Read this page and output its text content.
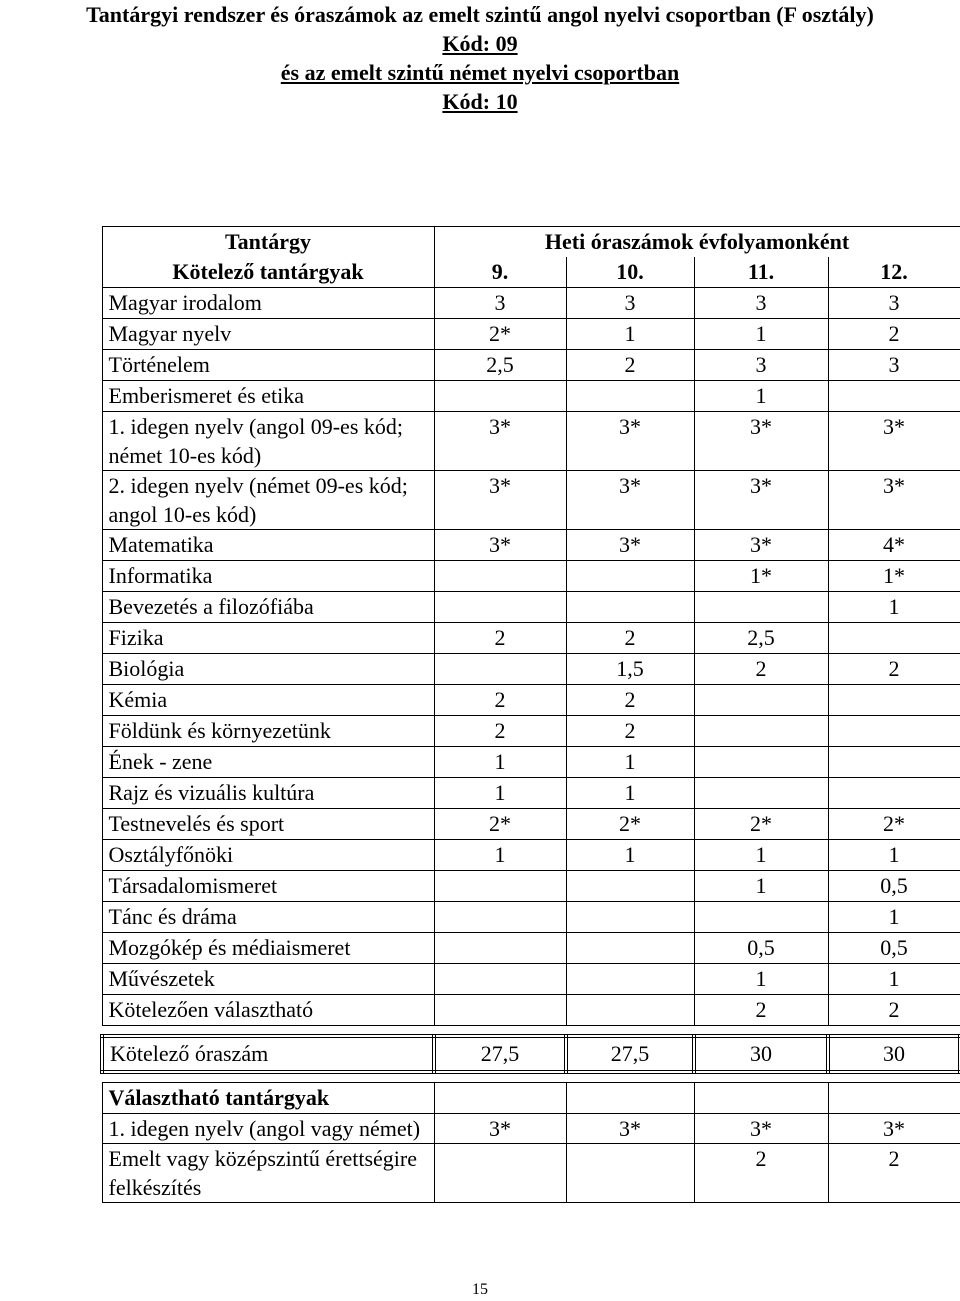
Tantárgyi rendszer és óraszámok az emelt szintű angol nyelvi csoportban (F osztály)
Kód: 09
és az emelt szintű német nyelvi csoportban
Kód: 10
Tantárgy	Heti óraszámok évfolyamonként			
Kötelező tantárgyak	9.	10.	11.	12.
Magyar irodalom	3	3	3	3
Magyar nyelv	2*	1	1	2
Történelem	2,5	2	3	3
Emberismeret és etika			1	
1. idegen nyelv (angol 09-es kód; német 10-es kód)	3*	3*	3*	3*
2. idegen nyelv (német 09-es kód; angol 10-es kód)	3*	3*	3*	3*
Matematika	3*	3*	3*	4*
Informatika			1*	1*
Bevezetés a filozófiába				1
Fizika	2	2	2,5	
Biológia		1,5	2	2
Kémia	2	2		
Földünk és környezetünk	2	2		
Ének - zene	1	1		
Rajz és vizuális kultúra	1	1		
Testnevelés és sport	2*	2*	2*	2*
Osztályfőnöki	1	1	1	1
Társadalomismeret			1	0,5
Tánc és dráma				1
Mozgókép és médiaismeret			0,5	0,5
Művészetek			1	1
Kötelezően választható			2	2

Kötelező óraszám	27,5	27,5	30	30

Választható tantárgyak				
1. idegen nyelv (angol vagy német)	3*	3*	3*	3*
Emelt vagy középszintű érettségire felkészítés			2	2
15
